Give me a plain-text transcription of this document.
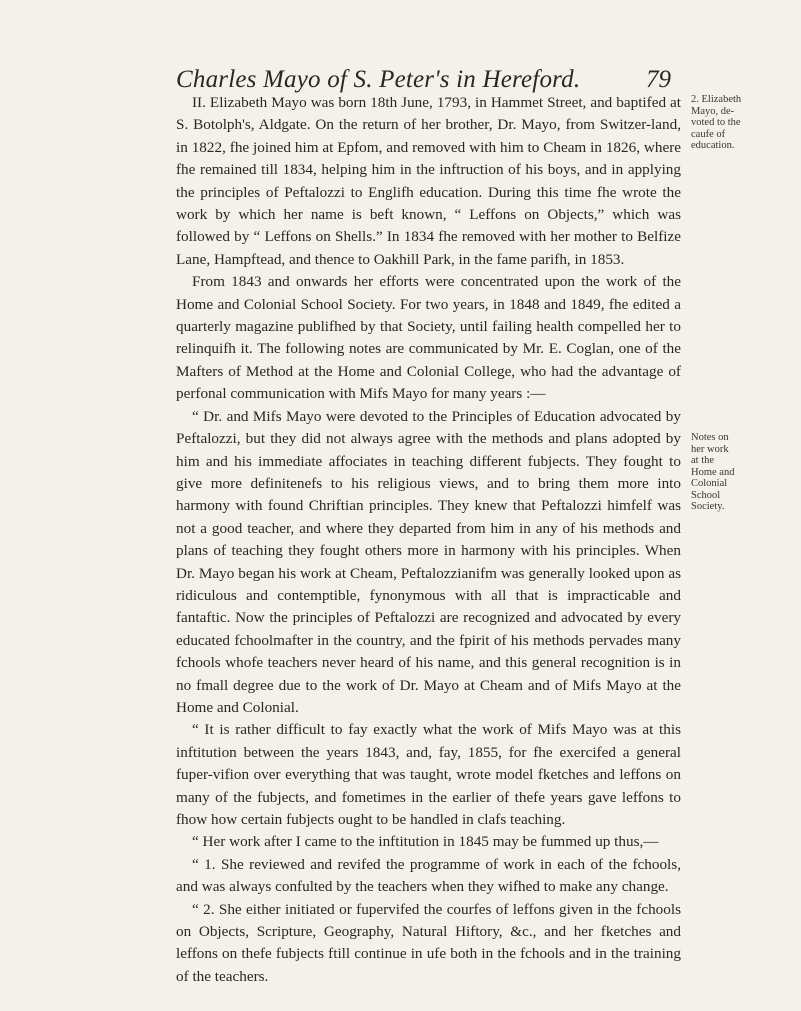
Charles Mayo of S. Peter's in Hereford.	79

II. Elizabeth Mayo was born 18th June, 1793, in Hammet Street, and baptifed at S. Botolph's, Aldgate. On the return of her brother, Dr. Mayo, from Switzer-land, in 1822, fhe joined him at Epfom, and removed with him to Cheam in 1826, where fhe remained till 1834, helping him in the inftruction of his boys, and in applying the principles of Peftalozzi to Englifh education. During this time fhe wrote the work by which her name is beft known, “ Leffons on Objects,” which was followed by “ Leffons on Shells.” In 1834 fhe removed with her mother to Belfize Lane, Hampftead, and thence to Oakhill Park, in the fame parifh, in 1853.

From 1843 and onwards her efforts were concentrated upon the work of the Home and Colonial School Society. For two years, in 1848 and 1849, fhe edited a quarterly magazine publifhed by that Society, until failing health compelled her to relinquifh it. The following notes are communicated by Mr. E. Coglan, one of the Mafters of Method at the Home and Colonial College, who had the advantage of perfonal communication with Mifs Mayo for many years :—

“ Dr. and Mifs Mayo were devoted to the Principles of Education advocated by Peftalozzi, but they did not always agree with the methods and plans adopted by him and his immediate affociates in teaching different fubjects. They fought to give more definitenefs to his religious views, and to bring them more into harmony with found Chriftian principles. They knew that Peftalozzi himfelf was not a good teacher, and where they departed from him in any of his methods and plans of teaching they fought others more in harmony with his principles. When Dr. Mayo began his work at Cheam, Peftalozzianifm was generally looked upon as ridiculous and contemptible, fynonymous with all that is impracticable and fantaftic. Now the principles of Peftalozzi are recognized and advocated by every educated fchoolmafter in the country, and the fpirit of his methods pervades many fchools whofe teachers never heard of his name, and this general recognition is in no fmall degree due to the work of Dr. Mayo at Cheam and of Mifs Mayo at the Home and Colonial.

“ It is rather difficult to fay exactly what the work of Mifs Mayo was at this inftitution between the years 1843, and, fay, 1855, for fhe exercifed a general fuper-vifion over everything that was taught, wrote model fketches and leffons on many of the fubjects, and fometimes in the earlier of thefe years gave leffons to fhow how certain fubjects ought to be handled in clafs teaching.

“ Her work after I came to the inftitution in 1845 may be fummed up thus,—

“ 1. She reviewed and revifed the programme of work in each of the fchools, and was always confulted by the teachers when they wifhed to make any change.

“ 2. She either initiated or fupervifed the courfes of leffons given in the fchools on Objects, Scripture, Geography, Natural Hiftory, &c., and her fketches and leffons on thefe fubjects ftill continue in ufe both in the fchools and in the training of the teachers.

2. Elizabeth
Mayo, de-
voted to the
caufe of
education.
Notes on
her work
at the
Home and
Colonial
School
Society.
